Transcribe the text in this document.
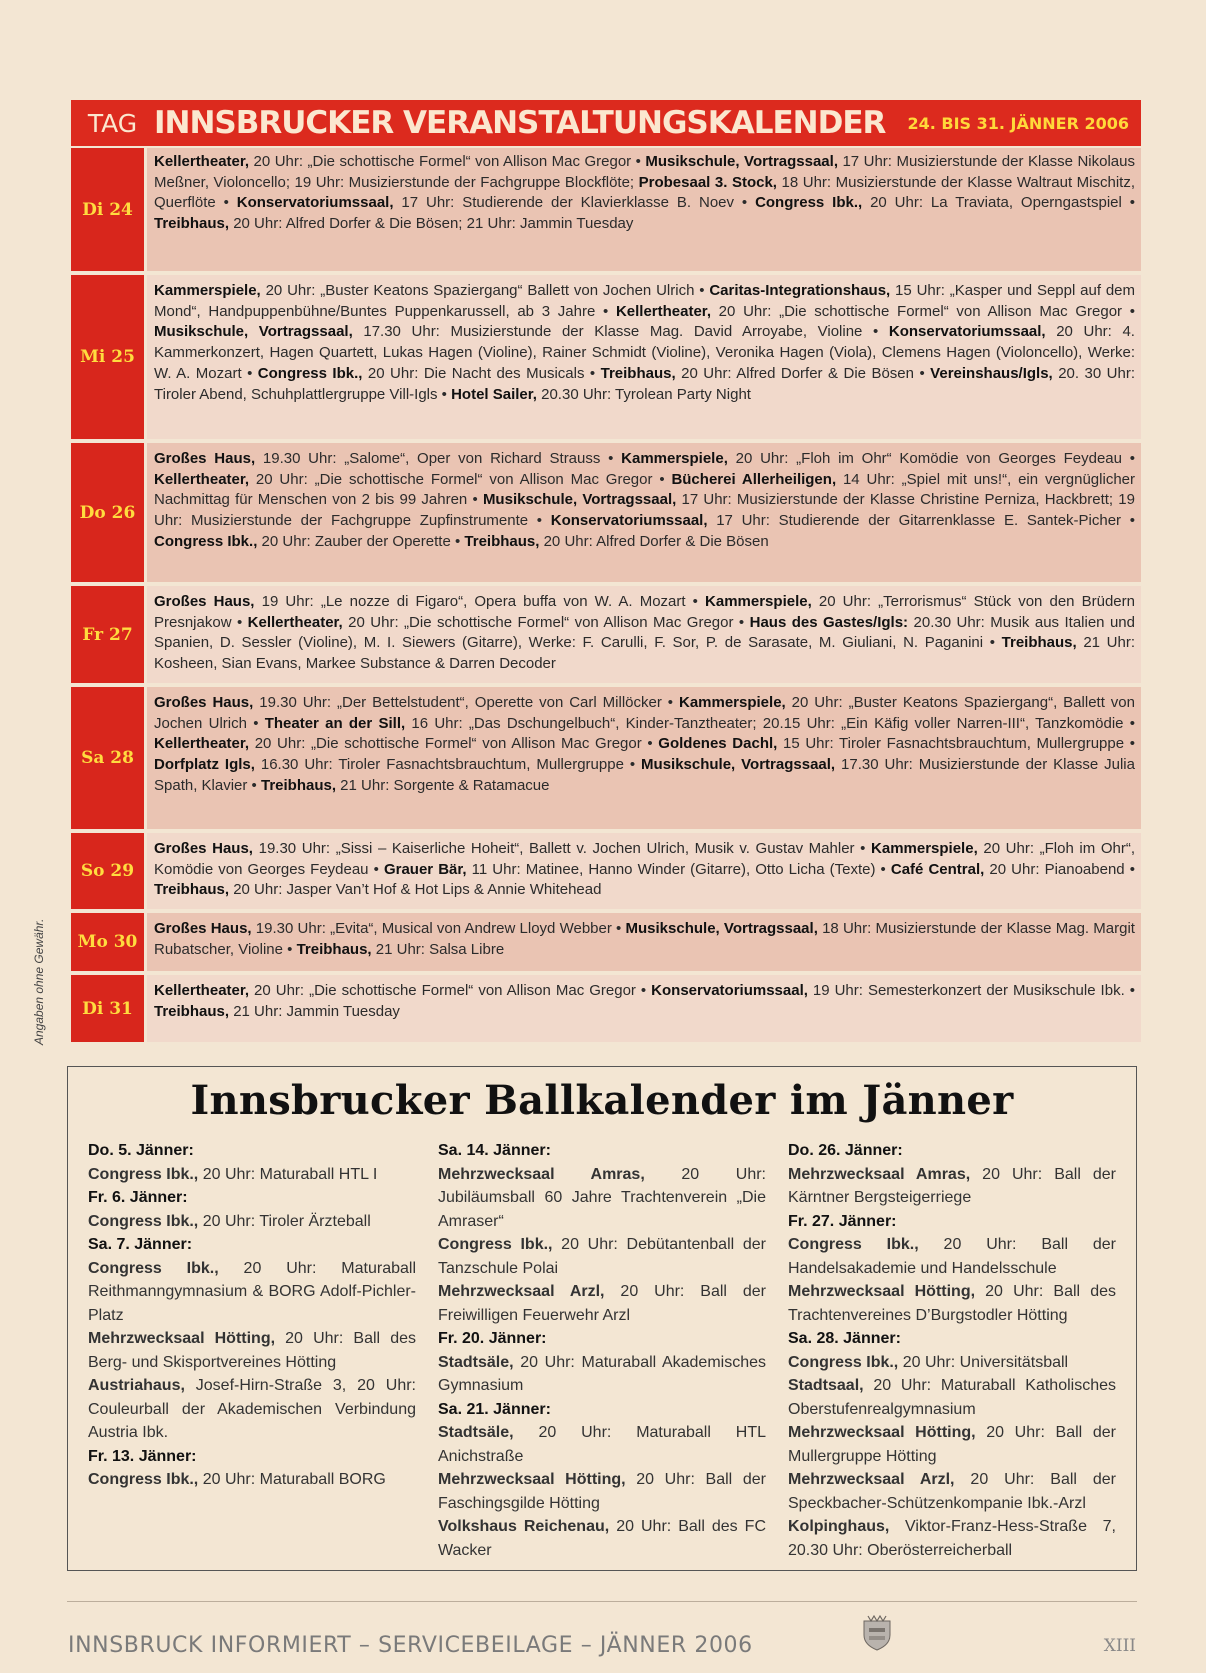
TAG INNSBRUCKER VERANSTALTUNGSKALENDER	24. BIS 31. JÄNNER 2006
Di 24
Kellertheater, 20 Uhr: „Die schottische Formel“ von Allison Mac Gregor • Musikschule, Vortragssaal, 17 Uhr: Musizierstunde der Klasse Nikolaus Meßner, Violoncello; 19 Uhr: Musizierstunde der Fachgruppe Blockflöte; Probesaal 3. Stock, 18 Uhr: Musizierstunde der Klasse Waltraut Mischitz, Querflöte • Konservatoriumssaal, 17 Uhr: Studierende der Klavierklasse B. Noev • Congress Ibk., 20 Uhr: La Traviata, Operngastspiel • Treibhaus, 20 Uhr: Alfred Dorfer & Die Bösen; 21 Uhr: Jammin Tuesday
Mi 25
Kammerspiele, 20 Uhr: „Buster Keatons Spaziergang“ Ballett von Jochen Ulrich • Caritas-Integrationshaus, 15 Uhr: „Kasper und Seppl auf dem Mond“, Handpuppenbühne/Buntes Puppenkarussell, ab 3 Jahre • Kellertheater, 20 Uhr: „Die schottische Formel“ von Allison Mac Gregor • Musikschule, Vortragssaal, 17.30 Uhr: Musizierstunde der Klasse Mag. David Arroyabe, Violine • Konservatoriumssaal, 20 Uhr: 4. Kammerkonzert, Hagen Quartett, Lukas Hagen (Violine), Rainer Schmidt (Violine), Veronika Hagen (Viola), Clemens Hagen (Violoncello), Werke: W. A. Mozart • Congress Ibk., 20 Uhr: Die Nacht des Musicals • Treibhaus, 20 Uhr: Alfred Dorfer & Die Bösen • Vereinshaus/Igls, 20. 30 Uhr: Tiroler Abend, Schuhplattlergruppe Vill-Igls • Hotel Sailer, 20.30 Uhr: Tyrolean Party Night
Do 26
Großes Haus, 19.30 Uhr: „Salome“, Oper von Richard Strauss • Kammerspiele, 20 Uhr: „Floh im Ohr“ Komödie von Georges Feydeau • Kellertheater, 20 Uhr: „Die schottische Formel“ von Allison Mac Gregor • Bücherei Allerheiligen, 14 Uhr: „Spiel mit uns!“, ein vergnüglicher Nachmittag für Menschen von 2 bis 99 Jahren • Musikschule, Vortragssaal, 17 Uhr: Musizierstunde der Klasse Christine Perniza, Hackbrett; 19 Uhr: Musizierstunde der Fachgruppe Zupfinstrumente • Konservatoriumssaal, 17 Uhr: Studierende der Gitarrenklasse E. Santek-Picher • Congress Ibk., 20 Uhr: Zauber der Operette • Treibhaus, 20 Uhr: Alfred Dorfer & Die Bösen
Fr 27
Großes Haus, 19 Uhr: „Le nozze di Figaro“, Opera buffa von W. A. Mozart • Kammerspiele, 20 Uhr: „Terrorismus“ Stück von den Brüdern Presnjakow • Kellertheater, 20 Uhr: „Die schottische Formel“ von Allison Mac Gregor • Haus des Gastes/Igls: 20.30 Uhr: Musik aus Italien und Spanien, D. Sessler (Violine), M. I. Siewers (Gitarre), Werke: F. Carulli, F. Sor, P. de Sarasate, M. Giuliani, N. Paganini • Treibhaus, 21 Uhr: Kosheen, Sian Evans, Markee Substance & Darren Decoder
Sa 28
Großes Haus, 19.30 Uhr: „Der Bettelstudent“, Operette von Carl Millöcker • Kammerspiele, 20 Uhr: „Buster Keatons Spaziergang“, Ballett von Jochen Ulrich • Theater an der Sill, 16 Uhr: „Das Dschungelbuch“, Kinder-Tanztheater; 20.15 Uhr: „Ein Käfig voller Narren-III“, Tanzkomödie • Kellertheater, 20 Uhr: „Die schottische Formel“ von Allison Mac Gregor • Goldenes Dachl, 15 Uhr: Tiroler Fasnachtsbrauchtum, Mullergruppe • Dorfplatz Igls, 16.30 Uhr: Tiroler Fasnachtsbrauchtum, Mullergruppe • Musikschule, Vortragssaal, 17.30 Uhr: Musizierstunde der Klasse Julia Spath, Klavier • Treibhaus, 21 Uhr: Sorgente & Ratamacue
So 29
Großes Haus, 19.30 Uhr: „Sissi – Kaiserliche Hoheit“, Ballett v. Jochen Ulrich, Musik v. Gustav Mahler • Kammerspiele, 20 Uhr: „Floh im Ohr“, Komödie von Georges Feydeau • Grauer Bär, 11 Uhr: Matinee, Hanno Winder (Gitarre), Otto Licha (Texte) • Café Central, 20 Uhr: Pianoabend • Treibhaus, 20 Uhr: Jasper Van’t Hof & Hot Lips & Annie Whitehead
Mo 30
Großes Haus, 19.30 Uhr: „Evita“, Musical von Andrew Lloyd Webber • Musikschule, Vortragssaal, 18 Uhr: Musizierstunde der Klasse Mag. Margit Rubatscher, Violine • Treibhaus, 21 Uhr: Salsa Libre
Di 31
Kellertheater, 20 Uhr: „Die schottische Formel“ von Allison Mac Gregor • Konservatoriumssaal, 19 Uhr: Semesterkonzert der Musikschule Ibk. • Treibhaus, 21 Uhr: Jammin Tuesday
Angaben ohne Gewähr.
Innsbrucker Ballkalender im Jänner

Do. 5. Jänner:

Congress Ibk., 20 Uhr: Maturaball HTL I

Fr. 6. Jänner:

Congress Ibk., 20 Uhr: Tiroler Ärzteball

Sa. 7. Jänner:

Congress Ibk., 20 Uhr: Maturaball Reithmanngymnasium & BORG Adolf-Pichler-Platz

Mehrzwecksaal Hötting, 20 Uhr: Ball des Berg- und Skisportvereines Hötting

Austriahaus, Josef-Hirn-Straße 3, 20 Uhr: Couleurball der Akademischen Verbindung Austria Ibk.

Fr. 13. Jänner:

Congress Ibk., 20 Uhr: Maturaball BORG

Sa. 14. Jänner:

Mehrzwecksaal Amras, 20 Uhr: Jubiläumsball 60 Jahre Trachtenverein „Die Amraser“

Congress Ibk., 20 Uhr: Debütantenball der Tanzschule Polai

Mehrzwecksaal Arzl, 20 Uhr: Ball der Freiwilligen Feuerwehr Arzl

Fr. 20. Jänner:

Stadtsäle, 20 Uhr: Maturaball Akademisches Gymnasium

Sa. 21. Jänner:

Stadtsäle, 20 Uhr: Maturaball HTL Anichstraße

Mehrzwecksaal Hötting, 20 Uhr: Ball der Faschingsgilde Hötting

Volkshaus Reichenau, 20 Uhr: Ball des FC Wacker

Do. 26. Jänner:

Mehrzwecksaal Amras, 20 Uhr: Ball der Kärntner Bergsteigerriege

Fr. 27. Jänner:

Congress Ibk., 20 Uhr: Ball der Handelsakademie und Handelsschule

Mehrzwecksaal Hötting, 20 Uhr: Ball des Trachtenvereines D’Burgstodler Hötting

Sa. 28. Jänner:

Congress Ibk., 20 Uhr: Universitätsball

Stadtsaal, 20 Uhr: Maturaball Katholisches Oberstufenrealgymnasium

Mehrzwecksaal Hötting, 20 Uhr: Ball der Mullergruppe Hötting

Mehrzwecksaal Arzl, 20 Uhr: Ball der Speckbacher-Schützenkompanie Ibk.-Arzl

Kolpinghaus, Viktor-Franz-Hess-Straße 7, 20.30 Uhr: Oberösterreicherball

INNSBRUCK INFORMIERT – SERVICEBEILAGE – JÄNNER 2006	XIII
